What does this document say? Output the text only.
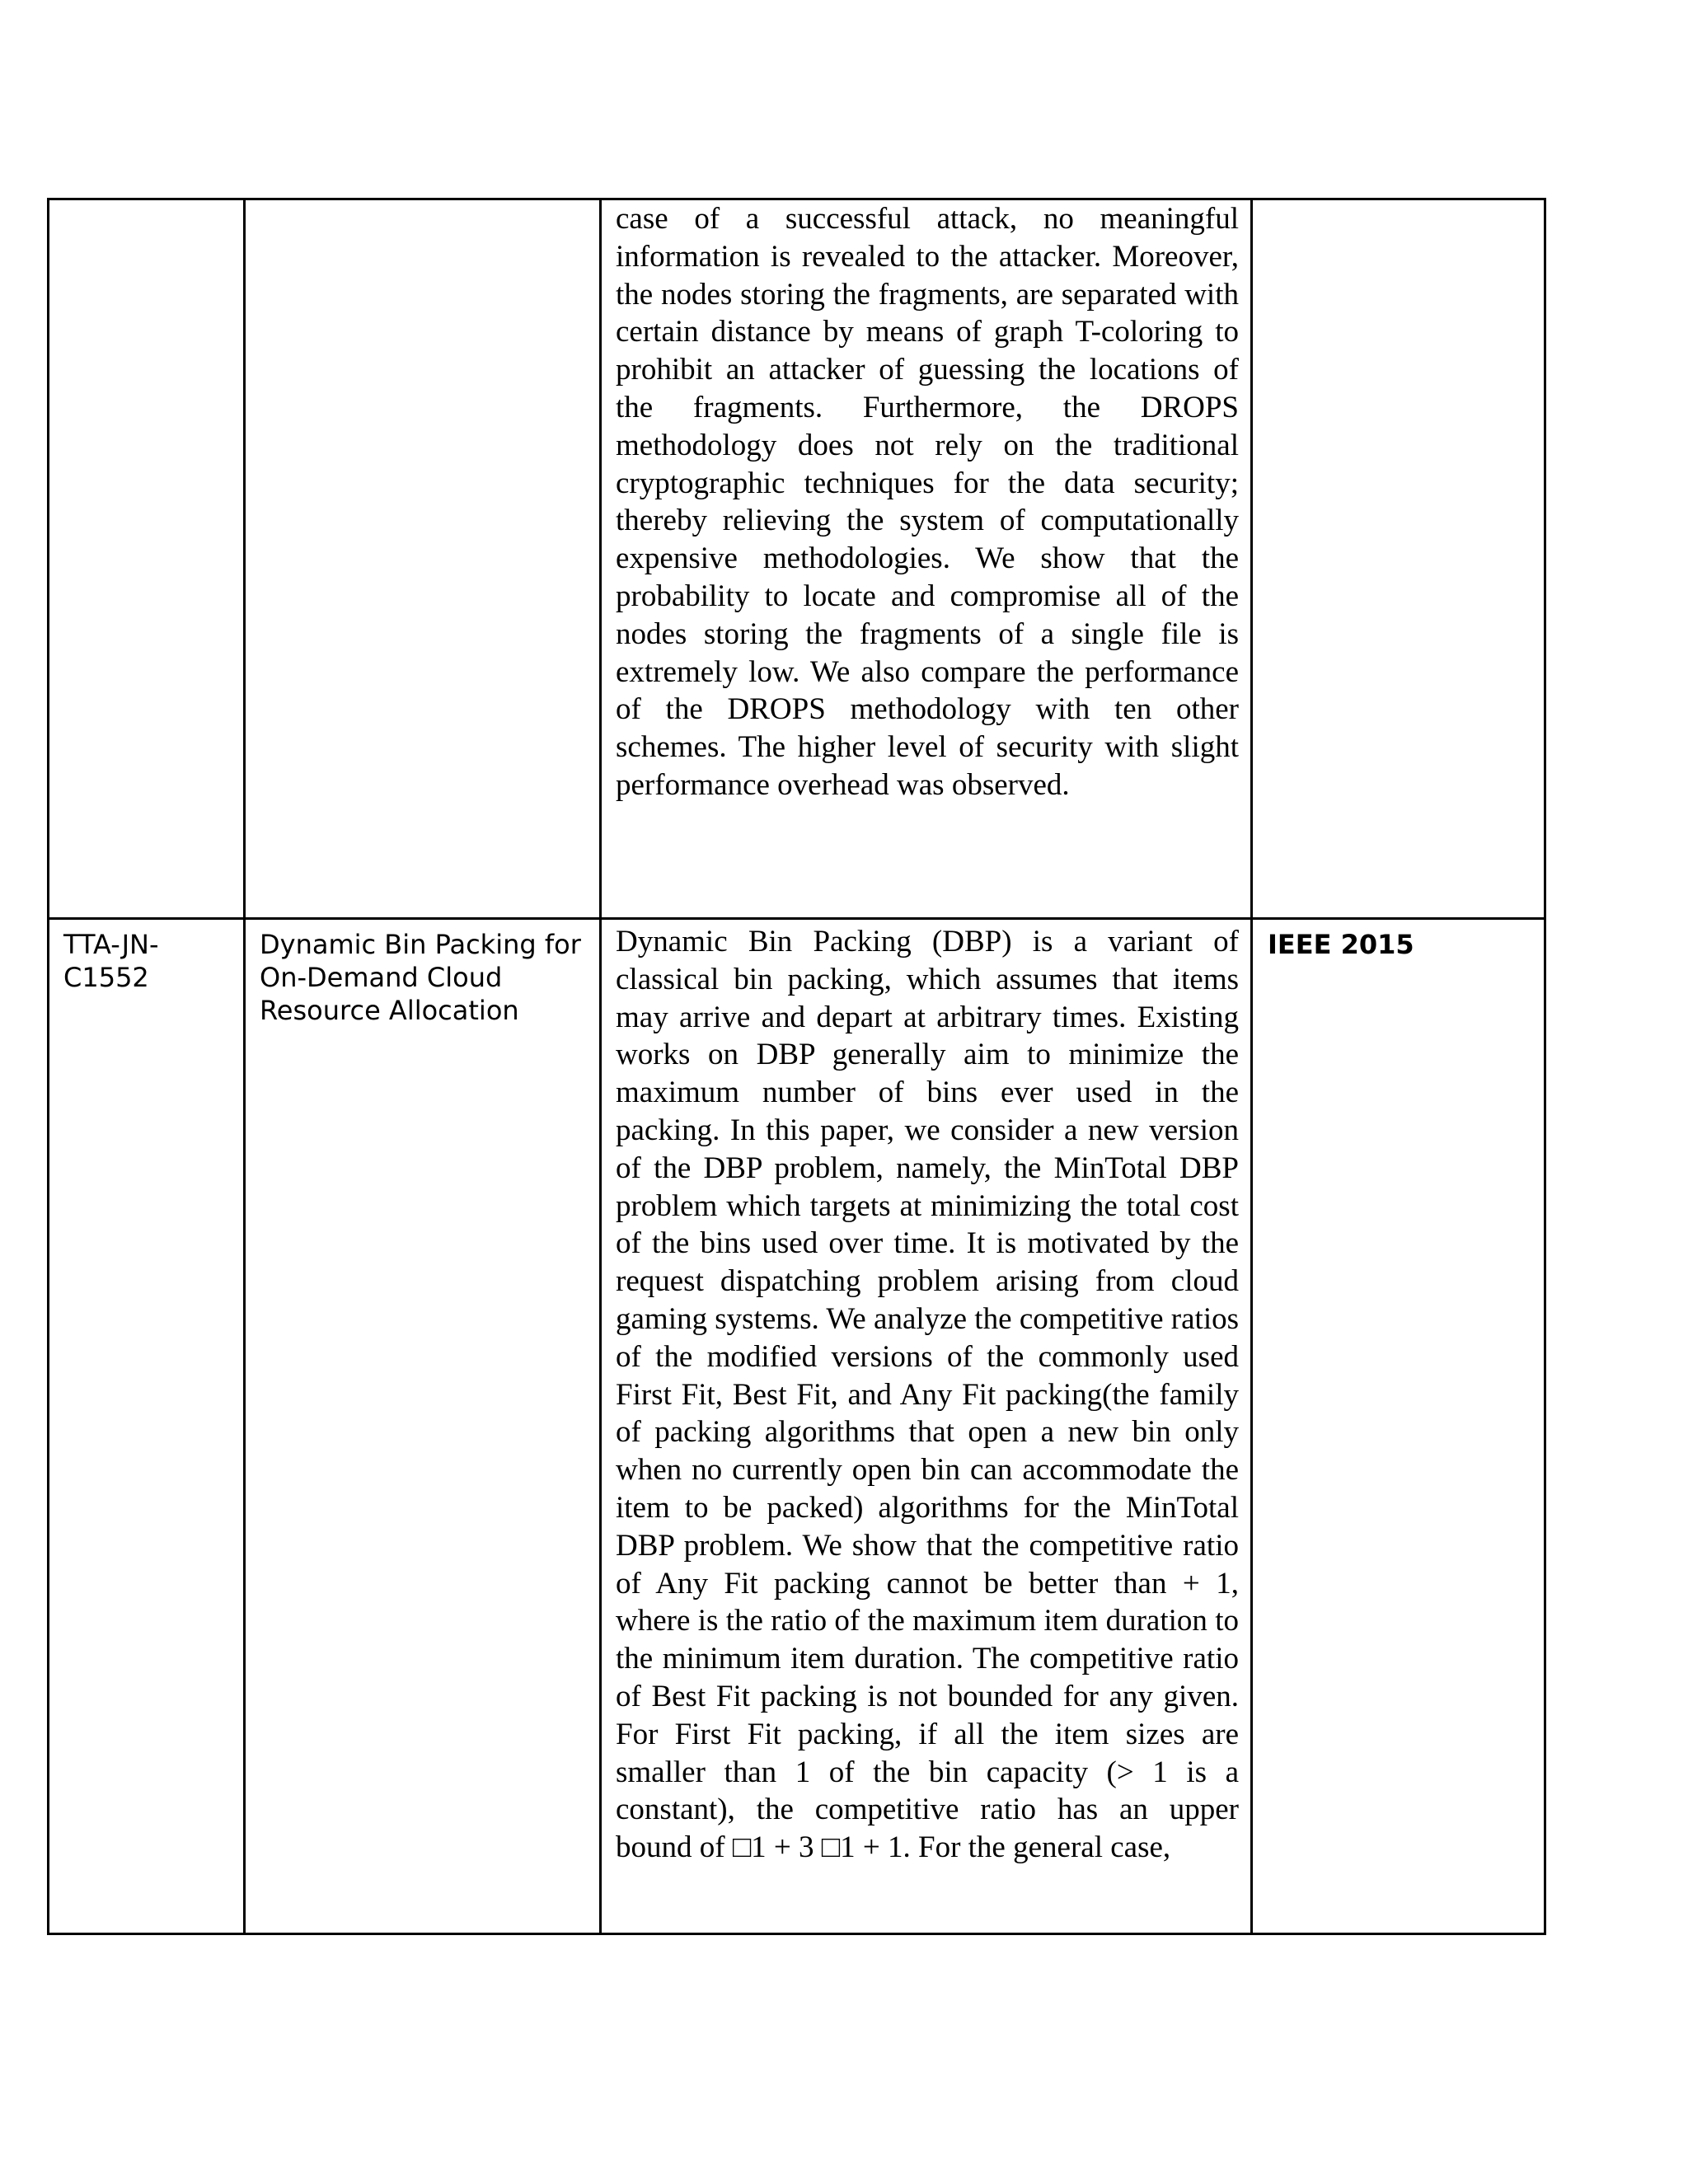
		case of a successful attack, no meaningful information is revealed to the attacker. Moreover, the nodes storing the fragments, are separated with certain distance by means of graph T-coloring to prohibit an attacker of guessing the locations of the fragments. Furthermore, the DROPS methodology does not rely on the traditional cryptographic techniques for the data security; thereby relieving the system of computationally expensive methodologies. We show that the probability to locate and compromise all of the nodes storing the fragments of a single file is extremely low. We also compare the performance of the DROPS methodology with ten other schemes. The higher level of security with slight performance overhead was observed.	

TTA-JN-C1552	Dynamic Bin Packing for On-Demand Cloud Resource Allocation	Dynamic Bin Packing (DBP) is a variant of classical bin packing, which assumes that items may arrive and depart at arbitrary times. Existing works on DBP generally aim to minimize the maximum number of bins ever used in the packing. In this paper, we consider a new version of the DBP problem, namely, the MinTotal DBP problem which targets at minimizing the total cost of the bins used over time. It is motivated by the request dispatching problem arising from cloud gaming systems. We analyze the competitive ratios of the modified versions of the commonly used First Fit, Best Fit, and Any Fit packing(the family of packing algorithms that open a new bin only when no currently open bin can accommodate the item to be packed) algorithms for the MinTotal DBP problem. We show that the competitive ratio of Any Fit packing cannot be better than + 1, where is the ratio of the maximum item duration to the minimum item duration. The competitive ratio of Best Fit packing is not bounded for any given. For First Fit packing, if all the item sizes are smaller than 1 of the bin capacity (> 1 is a constant), the competitive ratio has an upper bound of □1 + 3 □1 + 1. For the general case,	IEEE 2015
